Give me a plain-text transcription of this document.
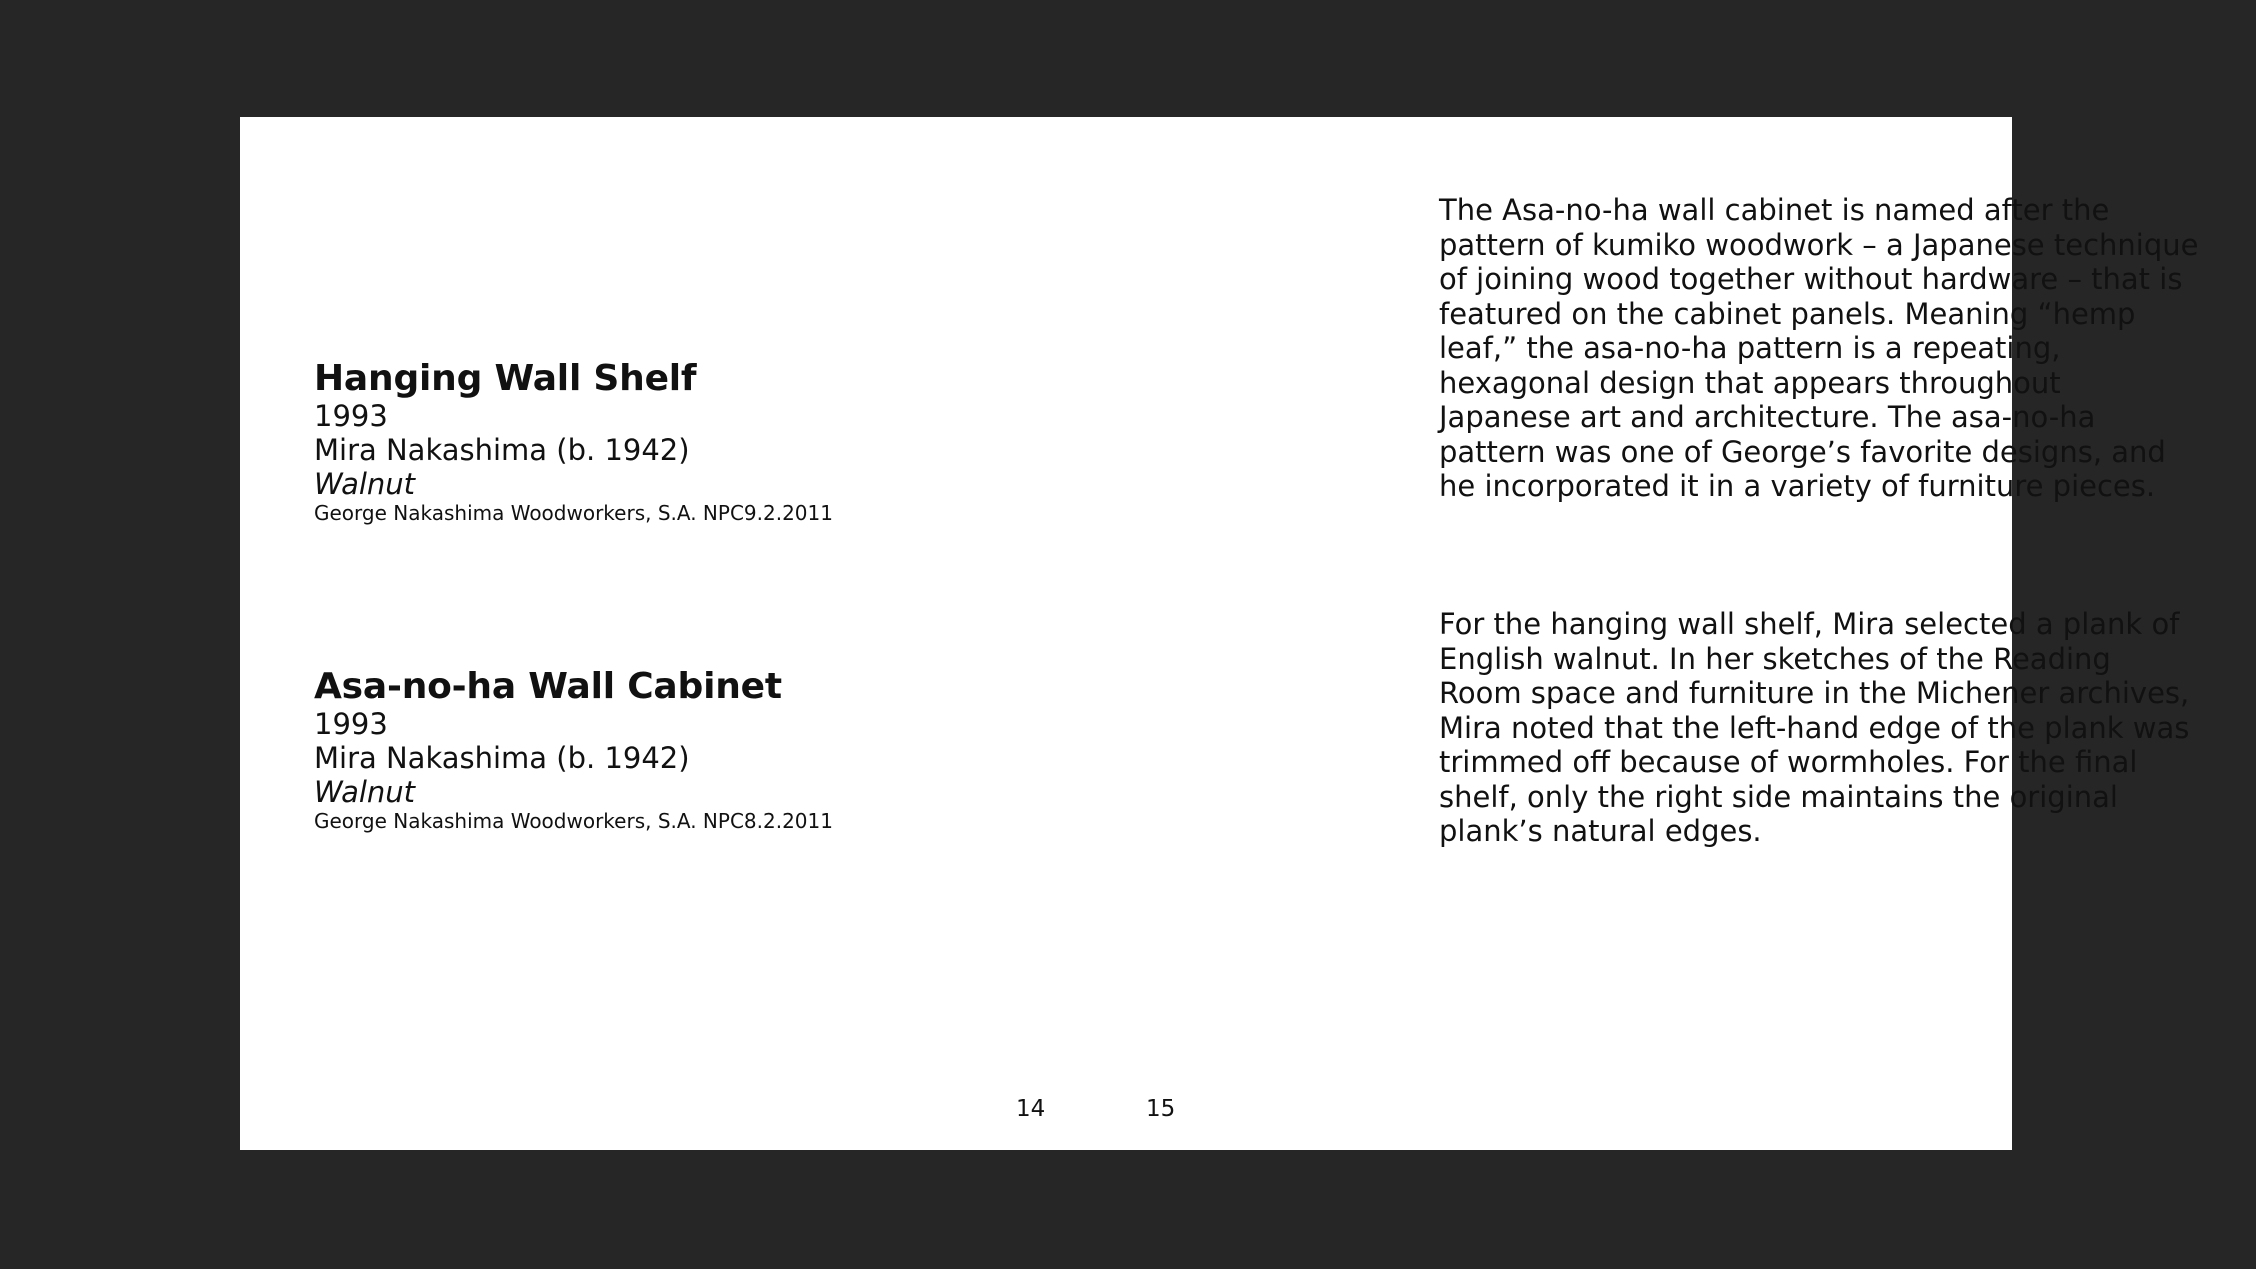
Hanging Wall Shelf

1993

Mira Nakashima (b. 1942)

Walnut

George Nakashima Woodworkers, S.A. NPC9.2.2011

Asa-no-ha Wall Cabinet

1993

Mira Nakashima (b. 1942)

Walnut

George Nakashima Woodworkers, S.A. NPC8.2.2011

14

The Asa-no-ha wall cabinet is named after the pattern of kumiko woodwork – a Japanese technique of joining wood together without hardware – that is featured on the cabinet panels. Meaning “hemp leaf,” the asa-no-ha pattern is a repeating, hexagonal design that appears throughout Japanese art and architecture. The asa-no-ha pattern was one of George’s favorite designs, and he incorporated it in a variety of furniture pieces.

For the hanging wall shelf, Mira selected a plank of English walnut. In her sketches of the Reading Room space and furniture in the Michener archives, Mira noted that the left-hand edge of the plank was trimmed off because of wormholes. For the final shelf, only the right side maintains the original plank’s natural edges.

15
